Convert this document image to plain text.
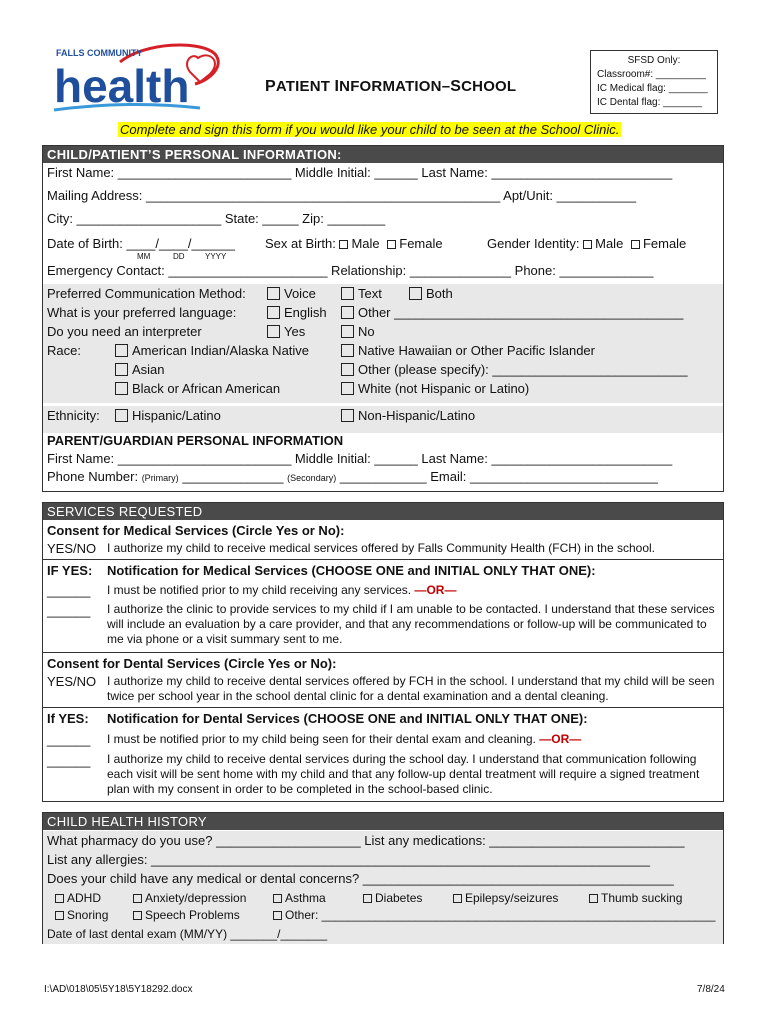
FALLS COMMUNITY
health	PATIENT INFORMATION–SCHOOL
SFSD Only:
Classroom#: _________
IC Medical flag: _______
IC Dental flag: _______
Complete and sign this form if you would like your child to be seen at the School Clinic.
CHILD/PATIENT’S PERSONAL INFORMATION:
First Name: ________________________ Middle Initial: ______ Last Name: _________________________
Mailing Address: _________________________________________________ Apt/Unit: ___________
City: ____________________ State: _____ Zip: ________
Date of Birth: ____/____/______
MM	DD	YYYY
Sex at Birth: Male Female	Gender Identity: Male Female
Emergency Contact: ______________________ Relationship: ______________ Phone: _____________
Preferred Communication Method:	Voice	Text	Both
What is your preferred language:	English	Other ________________________________________
Do you need an interpreter	Yes	No
Race:	American Indian/Alaska Native	Native Hawaiian or Other Pacific Islander
Asian	Other (please specify): ___________________________
Black or African American	White (not Hispanic or Latino)
Ethnicity:	Hispanic/Latino	Non-Hispanic/Latino
PARENT/GUARDIAN PERSONAL INFORMATION
First Name: ________________________ Middle Initial: ______ Last Name: _________________________
Phone Number: (Primary) ______________ (Secondary) ____________ Email: __________________________
SERVICES REQUESTED
Consent for Medical Services (Circle Yes or No):
YES/NO I authorize my child to receive medical services offered by Falls Community Health (FCH) in the school.
IF YES: Notification for Medical Services (CHOOSE ONE and INITIAL ONLY THAT ONE):
______ I must be notified prior to my child receiving any services. —OR—
______ I authorize the clinic to provide services to my child if I am unable to be contacted. I understand that these services will include an evaluation by a care provider, and that any recommendations or follow-up will be communicated to me via phone or a visit summary sent to me.
Consent for Dental Services (Circle Yes or No):
YES/NO I authorize my child to receive dental services offered by FCH in the school. I understand that my child will be seen twice per school year in the school dental clinic for a dental examination and a dental cleaning.
If YES: Notification for Dental Services (CHOOSE ONE and INITIAL ONLY THAT ONE):
______ I must be notified prior to my child being seen for their dental exam and cleaning. —OR—
______ I authorize my child to receive dental services during the school day. I understand that communication following each visit will be sent home with my child and that any follow-up dental treatment will require a signed treatment plan with my consent in order to be completed in the school-based clinic.
CHILD HEALTH HISTORY
What pharmacy do you use? ____________________ List any medications: ___________________________
List any allergies: _____________________________________________________________________
Does your child have any medical or dental concerns? ___________________________________________
ADHD	Anxiety/depression	Asthma	Diabetes	Epilepsy/seizures	Thumb sucking
Snoring	Speech Problems	Other: ___________________________________________________________
Date of last dental exam (MM/YY) _______/_______
I:\AD\018\05\5Y18\5Y18292.docx	7/8/24
